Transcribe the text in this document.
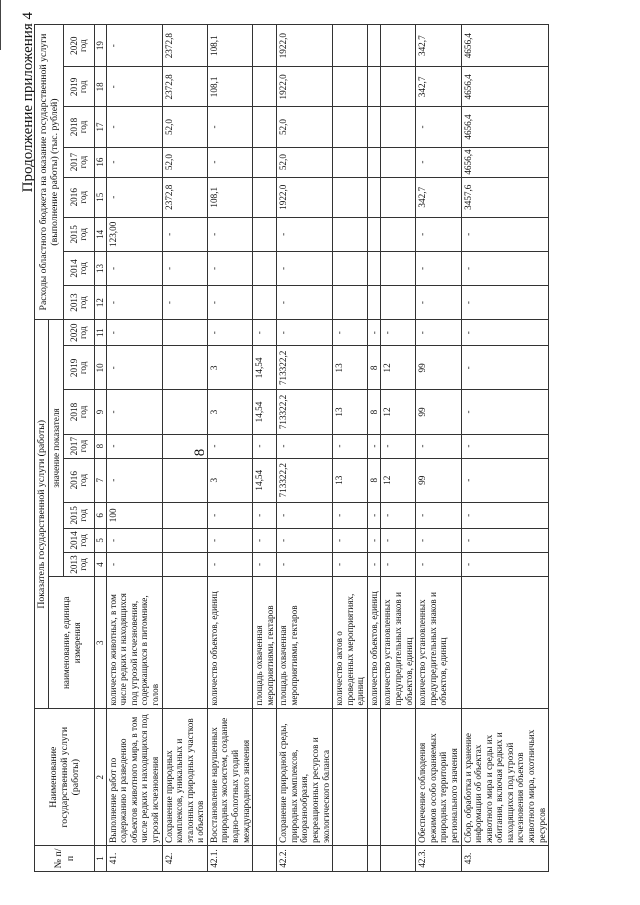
8
Продолжение приложения 4
№ п/п	Наименование государственной услуги (работы)	Показатель государственной услуги (работы)									Расходы областного бюджета на оказание государственной услуги (выполнение работы) (тыс. рублей)							
		наименование, единица измерения	значение показателя															

			2013 год	2014 год	2015 год	2016 год	2017 год	2018 год	2019 год	2020 год	2013 год	2014 год	2015 год	2016 год	2017 год	2018 год	2019 год	2020 год

1	2	3	4	5	6	7	8	9	10	11	12	13	14	15	16	17	18	19
41.	Выполнение работ по содержанию и разведению объектов животного мира, в том числе редких и находящихся под угрозой исчезновения	количество животных, в том числе редких и находящихся под угрозой исчезновения, содержащихся в питомнике, голов	-	-	100	-	-	-	-	-	-	-	123,00	-	-	-	-	-
42.	Сохранение природных комплексов, уникальных и эталонных природных участков и объектов										-	-	-	2372,8	52,0	52,0	2372,8	2372,8
42.1.	Восстановление нарушенных природных экосистем, создание водно-болотных угодий международного значения	количество объектов, единиц	-	-	-	3	-	3	3	-	-	-	-	108,1	-	-	108,1	108,1
		площадь охваченная мероприятиями, гектаров	-	-	-	14,54	-	14,54	14,54	-								
42.2.	Сохранение природной среды, природных комплексов, биоразнообразия, рекреационных ресурсов и экологического баланса	площадь охваченная мероприятиями, гектаров	-	-	-	713322,2	-	713322,2	713322,2	-	-	-	-	1922,0	52,0	52,0	1922,0	1922,0
		количество актов о проведенных мероприятиях, единиц	-	-	-	13	-	13	13	-								
		количество объектов, единиц	-	-	-	8	-	8	8	-								
		количество установленных предупредительных знаков и объектов, единиц	-	-	-	12	-	12	12	-								
42.3.	Обеспечение соблюдения режимов особо охраняемых природных территорий регионального значения	количество установленных предупредительных знаков и объектов, единиц	-	-	-	99	-	99	99	-	-	-	-	342,7	-	-	342,7	342,7
43.	Сбор, обработка и хранение информации об объектах животного мира и среды их обитания, включая редких и находящихся под угрозой исчезновения объектов животного мира, охотничьих ресурсов		-	-	-	-	-	-	-	-	-	-	-	3457,6	4656,4	4656,4	4656,4	4656,4
